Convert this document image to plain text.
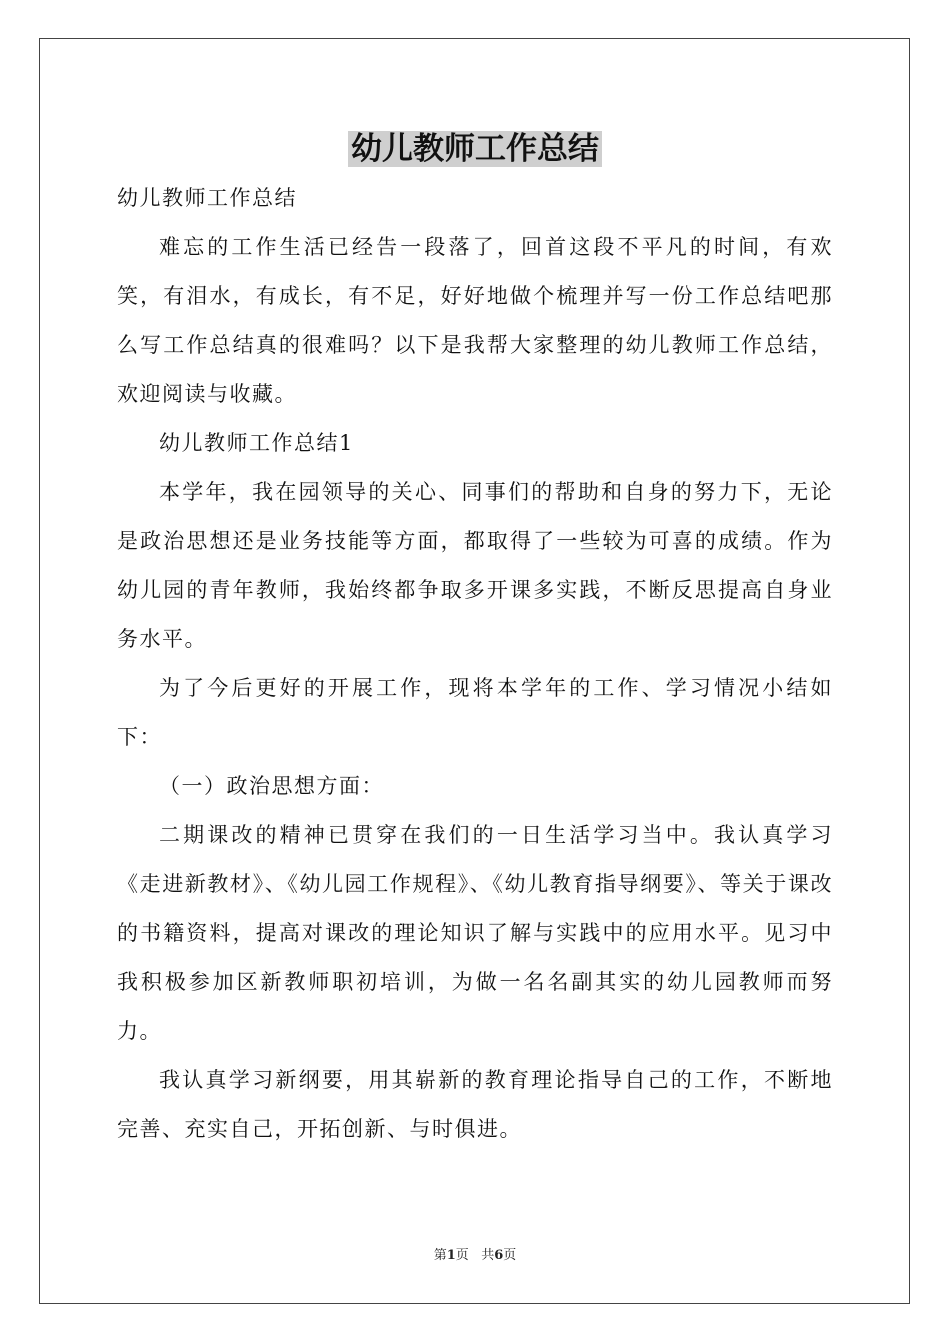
幼儿教师工作总结

幼儿教师工作总结

难忘的工作生活已经告一段落了，回首这段不平凡的时间，有欢笑，有泪水，有成长，有不足，好好地做个梳理并写一份工作总结吧那么写工作总结真的很难吗？以下是我帮大家整理的幼儿教师工作总结，欢迎阅读与收藏。

幼儿教师工作总结1

本学年，我在园领导的关心、同事们的帮助和自身的努力下，无论是政治思想还是业务技能等方面，都取得了一些较为可喜的成绩。作为幼儿园的青年教师，我始终都争取多开课多实践，不断反思提高自身业务水平。

为了今后更好的开展工作，现将本学年的工作、学习情况小结如下：

（一）政治思想方面：

二期课改的精神已贯穿在我们的一日生活学习当中。我认真学习《走进新教材》、《幼儿园工作规程》、《幼儿教育指导纲要》、等关于课改的书籍资料，提高对课改的理论知识了解与实践中的应用水平。见习中我积极参加区新教师职初培训，为做一名名副其实的幼儿园教师而努力。

我认真学习新纲要，用其崭新的教育理论指导自己的工作，不断地完善、充实自己，开拓创新、与时俱进。

第1页 共6页
